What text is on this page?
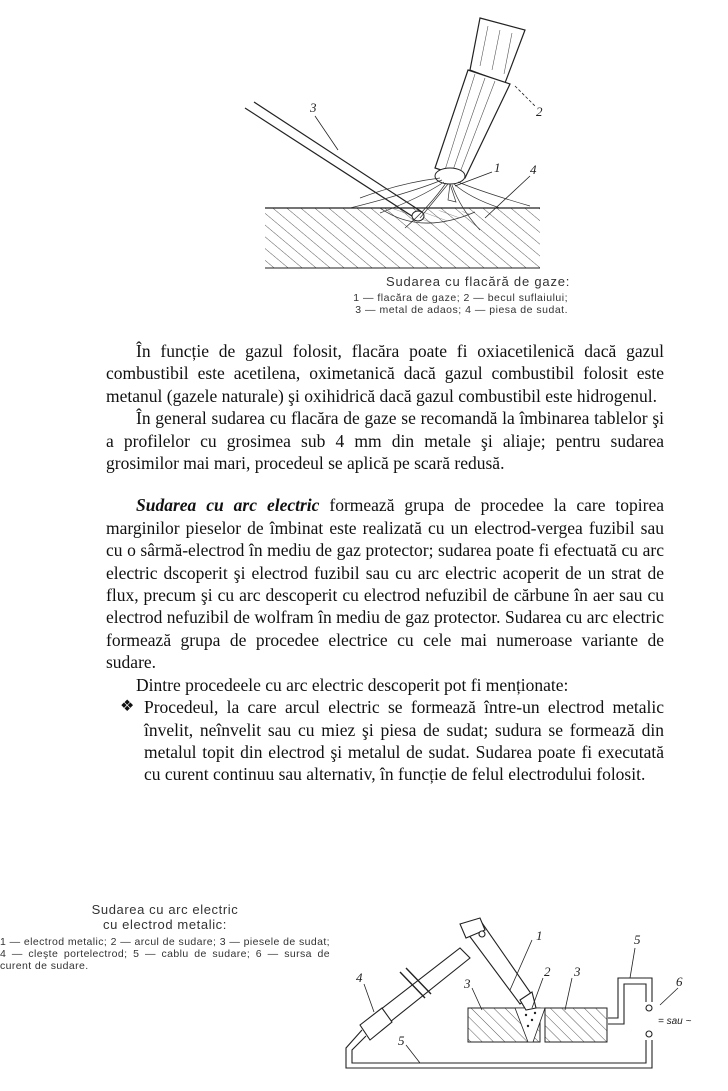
3
1 4
2
Sudarea cu flacără de gaze:
1 — flacăra de gaze; 2 — becul suflaiului;
3 — metal de adaos; 4 — piesa de sudat.

În funcție de gazul folosit, flacăra poate fi oxiacetilenică dacă gazul combustibil este acetilena, oximetanică dacă gazul combustibil folosit este metanul (gazele naturale) şi oxihidrică dacă gazul combustibil este hidrogenul.

În general sudarea cu flacăra de gaze se recomandă la îmbinarea tablelor şi a profilelor cu grosimea sub 4 mm din metale şi aliaje; pentru sudarea grosimilor mai mari, procedeul se aplică pe scară redusă.

Sudarea cu arc electric formează grupa de procedee la care topirea marginilor pieselor de îmbinat este realizată cu un electrod-vergea fuzibil sau cu o sârmă-electrod în mediu de gaz protector; sudarea poate fi efectuată cu arc electric dscoperit şi electrod fuzibil sau cu arc electric acoperit de un strat de flux, precum şi cu arc descoperit cu electrod nefuzibil de cărbune în aer sau cu electrod nefuzibil de wolfram în mediu de gaz protector. Sudarea cu arc electric formează grupa de procedee electrice cu cele mai numeroase variante de sudare.

Dintre procedeele cu arc electric descoperit pot fi menționate:

❖ Procedeul, la care arcul electric se formează între-un electrod metalic învelit, neînvelit sau cu miez şi piesa de sudat; sudura se formează din metalul topit din electrod şi metalul de sudat. Sudarea poate fi executată cu curent continuu sau alternativ, în funcție de felul electrodului folosit.
Sudarea cu arc electric
cu electrod metalic:
1 — electrod metalic; 2 — arcul de sudare; 3 — piesele de sudat; 4 — cleşte portelectrod; 5 — cablu de sudare; 6 — sursa de curent de sudare.
1
2 3
3
4
5
5
6
= sau ~
